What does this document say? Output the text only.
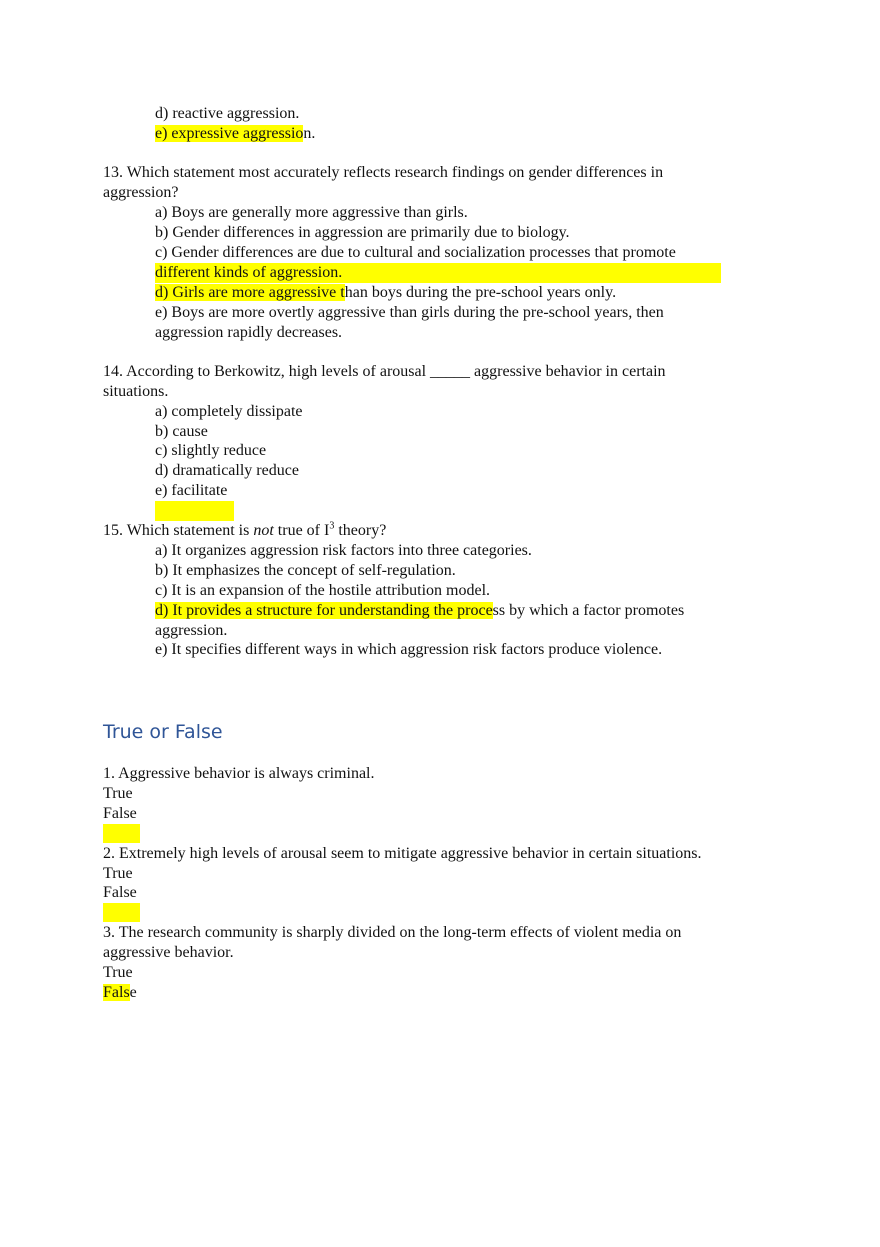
d) reactive aggression.
e) expressive aggression.
13. Which statement most accurately reflects research findings on gender differences in
aggression?
a) Boys are generally more aggressive than girls.
b) Gender differences in aggression are primarily due to biology.
c) Gender differences are due to cultural and socialization processes that promote
different kinds of aggression.
d) Girls are more aggressive than boys during the pre-school years only.
e) Boys are more overtly aggressive than girls during the pre-school years, then
aggression rapidly decreases.
14. According to Berkowitz, high levels of arousal _____ aggressive behavior in certain
situations.
a) completely dissipate
b) cause
c) slightly reduce
d) dramatically reduce
e) facilitate
15. Which statement is not true of $I^3$ theory?
a) It organizes aggression risk factors into three categories.
b) It emphasizes the concept of self-regulation.
c) It is an expansion of the hostile attribution model.
d) It provides a structure for understanding the process by which a factor promotes
aggression.
e) It specifies different ways in which aggression risk factors produce violence.
True or False
1. Aggressive behavior is always criminal.
True
False
2. Extremely high levels of arousal seem to mitigate aggressive behavior in certain situations.
True
False
3. The research community is sharply divided on the long-term effects of violent media on
aggressive behavior.
True
False
